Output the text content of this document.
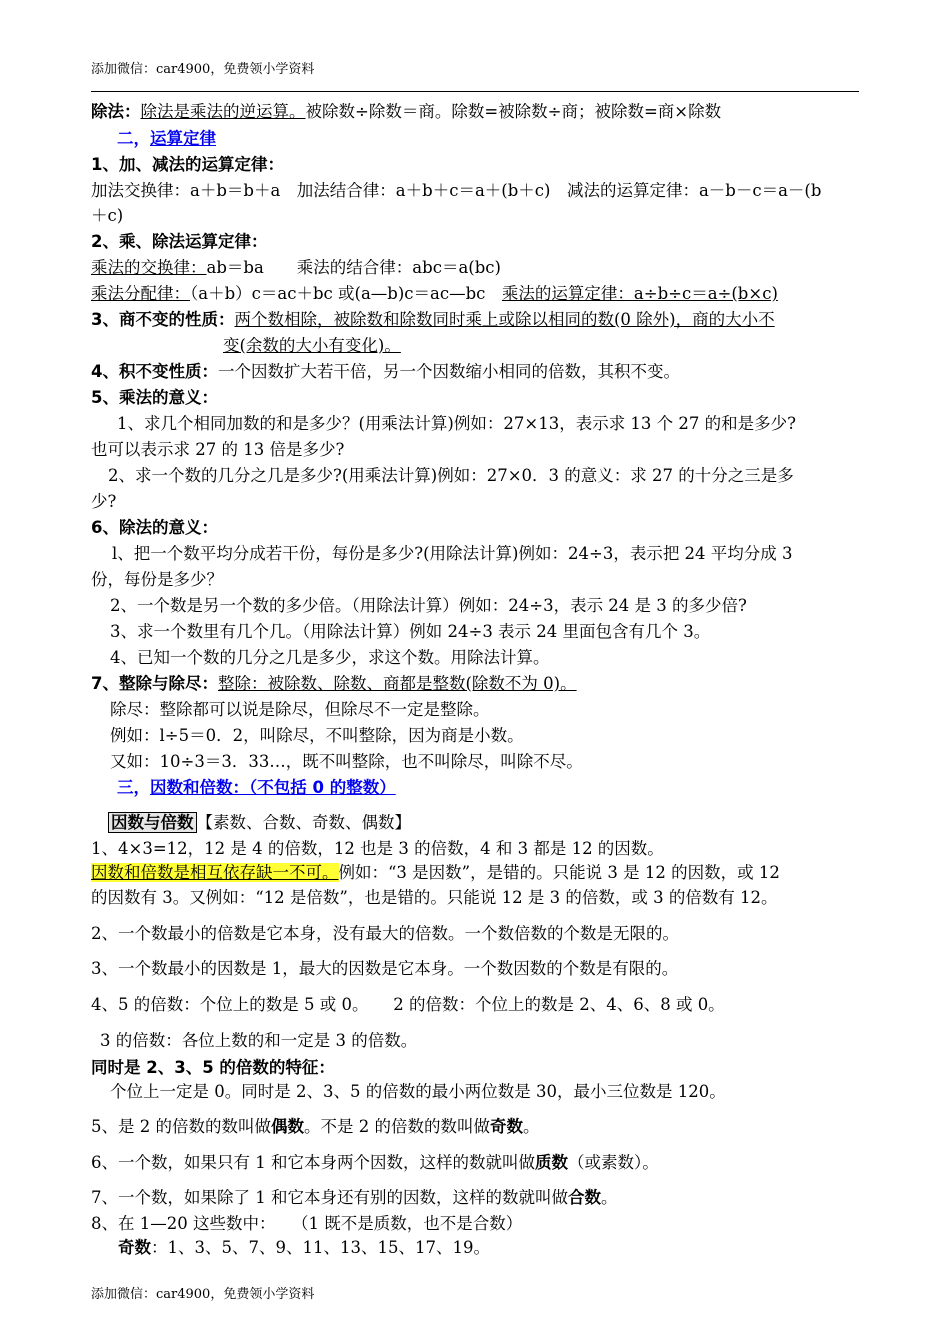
添加微信：car4900，免费领小学资料
除法：除法是乘法的逆运算。被除数÷除数＝商。除数=被除数÷商；被除数=商×除数
二，运算定律
1、加、减法的运算定律：
加法交换律：a＋b＝b＋a　加法结合律：a＋b＋c＝a＋(b＋c)　减法的运算定律：a－b－c＝a－(b
＋c)
2、乘、除法运算定律：
乘法的交换律：ab＝ba　　乘法的结合律：abc＝a(bc)
乘法分配律：（a＋b）c＝ac＋bc 或(a—b)c＝ac—bc　 乘法的运算定律：a÷b÷c＝a÷(b×c)
3、商不变的性质：两个数相除，被除数和除数同时乘上或除以相同的数(0 除外)，商的大小不
变(余数的大小有变化)。
4、积不变性质：一个因数扩大若干倍，另一个因数缩小相同的倍数，其积不变。
5、乘法的意义：
1、求几个相同加数的和是多少？(用乘法计算)例如：27×13，表示求 13 个 27 的和是多少?
也可以表示求 27 的 13 倍是多少?
2、求一个数的几分之几是多少?(用乘法计算)例如：27×0．3 的意义：求 27 的十分之三是多
少?
6、除法的意义：
l、把一个数平均分成若干份，每份是多少?(用除法计算)例如：24÷3，表示把 24 平均分成 3
份，每份是多少？
2、一个数是另一个数的多少倍。（用除法计算）例如：24÷3，表示 24 是 3 的多少倍?
3、求一个数里有几个几。（用除法计算）例如 24÷3 表示 24 里面包含有几个 3。
4、已知一个数的几分之几是多少，求这个数。用除法计算。
7、整除与除尽：整除：被除数、除数、商都是整数(除数不为 0)。
除尽：整除都可以说是除尽，但除尽不一定是整除。
例如：l÷5＝0．2，叫除尽，不叫整除，因为商是小数。
又如：10÷3＝3．33…，既不叫整除，也不叫除尽，叫除不尽。
三，因数和倍数：（不包括 0 的整数）
因数与倍数 【素数、合数、奇数、偶数】
1、4×3=12，12 是 4 的倍数，12 也是 3 的倍数，4 和 3 都是 12 的因数。
因数和倍数是相互依存缺一不可。例如：“3 是因数”，是错的。只能说 3 是 12 的因数，或 12
的因数有 3。又例如：“12 是倍数”，也是错的。只能说 12 是 3 的倍数，或 3 的倍数有 12。
2、一个数最小的倍数是它本身，没有最大的倍数。一个数倍数的个数是无限的。
3、一个数最小的因数是 1，最大的因数是它本身。一个数因数的个数是有限的。
4、5 的倍数：个位上的数是 5 或 0。　　2 的倍数：个位上的数是 2、4、6、8 或 0。
3 的倍数：各位上数的和一定是 3 的倍数。
同时是 2、3、5 的倍数的特征：
个位上一定是 0。同时是 2、3、5 的倍数的最小两位数是 30，最小三位数是 120。
5、是 2 的倍数的数叫做偶数。不是 2 的倍数的数叫做奇数。
6、一个数，如果只有 1 和它本身两个因数，这样的数就叫做质数（或素数）。
7、一个数，如果除了 1 和它本身还有别的因数，这样的数就叫做合数。
8、在 1—20 这些数中：　　（1 既不是质数，也不是合数）
奇数：1、3、5、7、9、11、13、15、17、19。
添加微信：car4900，免费领小学资料
